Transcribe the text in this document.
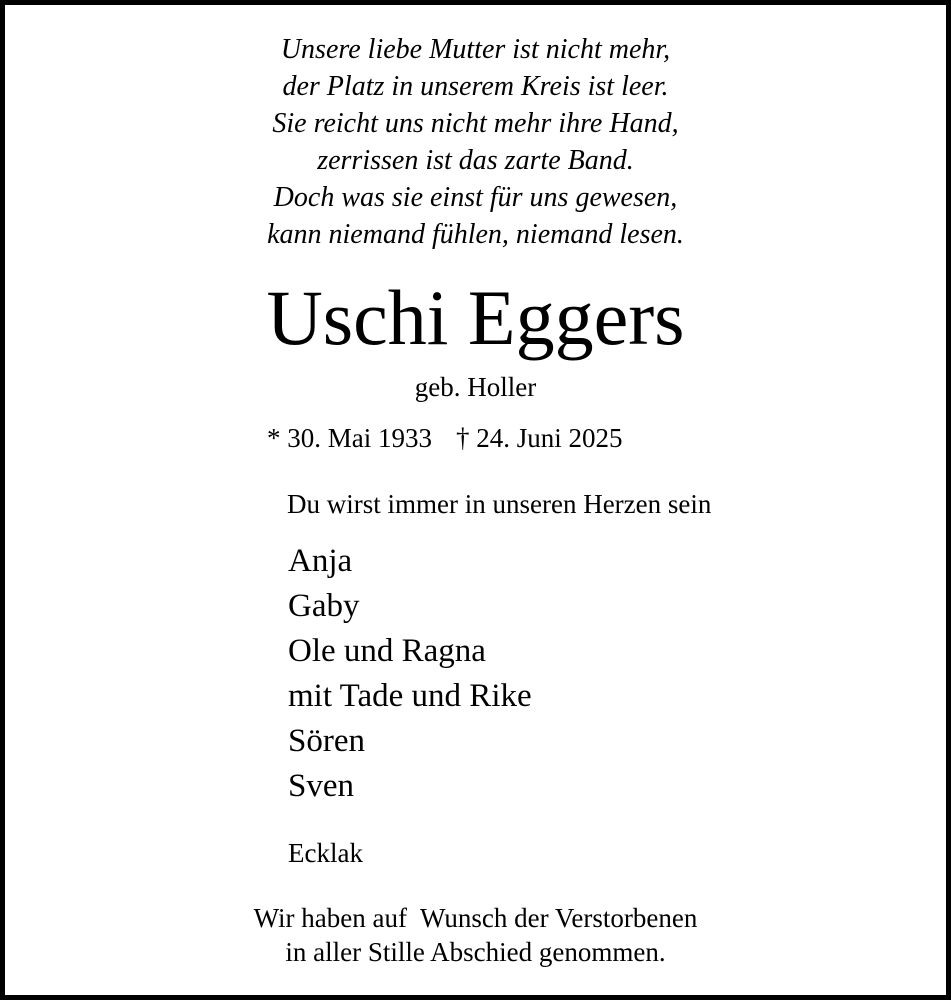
Unsere liebe Mutter ist nicht mehr,
der Platz in unserem Kreis ist leer.
Sie reicht uns nicht mehr ihre Hand,
zerrissen ist das zarte Band.
Doch was sie einst für uns gewesen,
kann niemand fühlen, niemand lesen.
Uschi Eggers
geb. Holler
* 30. Mai 1933 † 24. Juni 2025
Du wirst immer in unseren Herzen sein
Anja
Gaby
Ole und Ragna
mit Tade und Rike
Sören
Sven
Ecklak
Wir haben auf  Wunsch der Verstorbenen
in aller Stille Abschied genommen.
